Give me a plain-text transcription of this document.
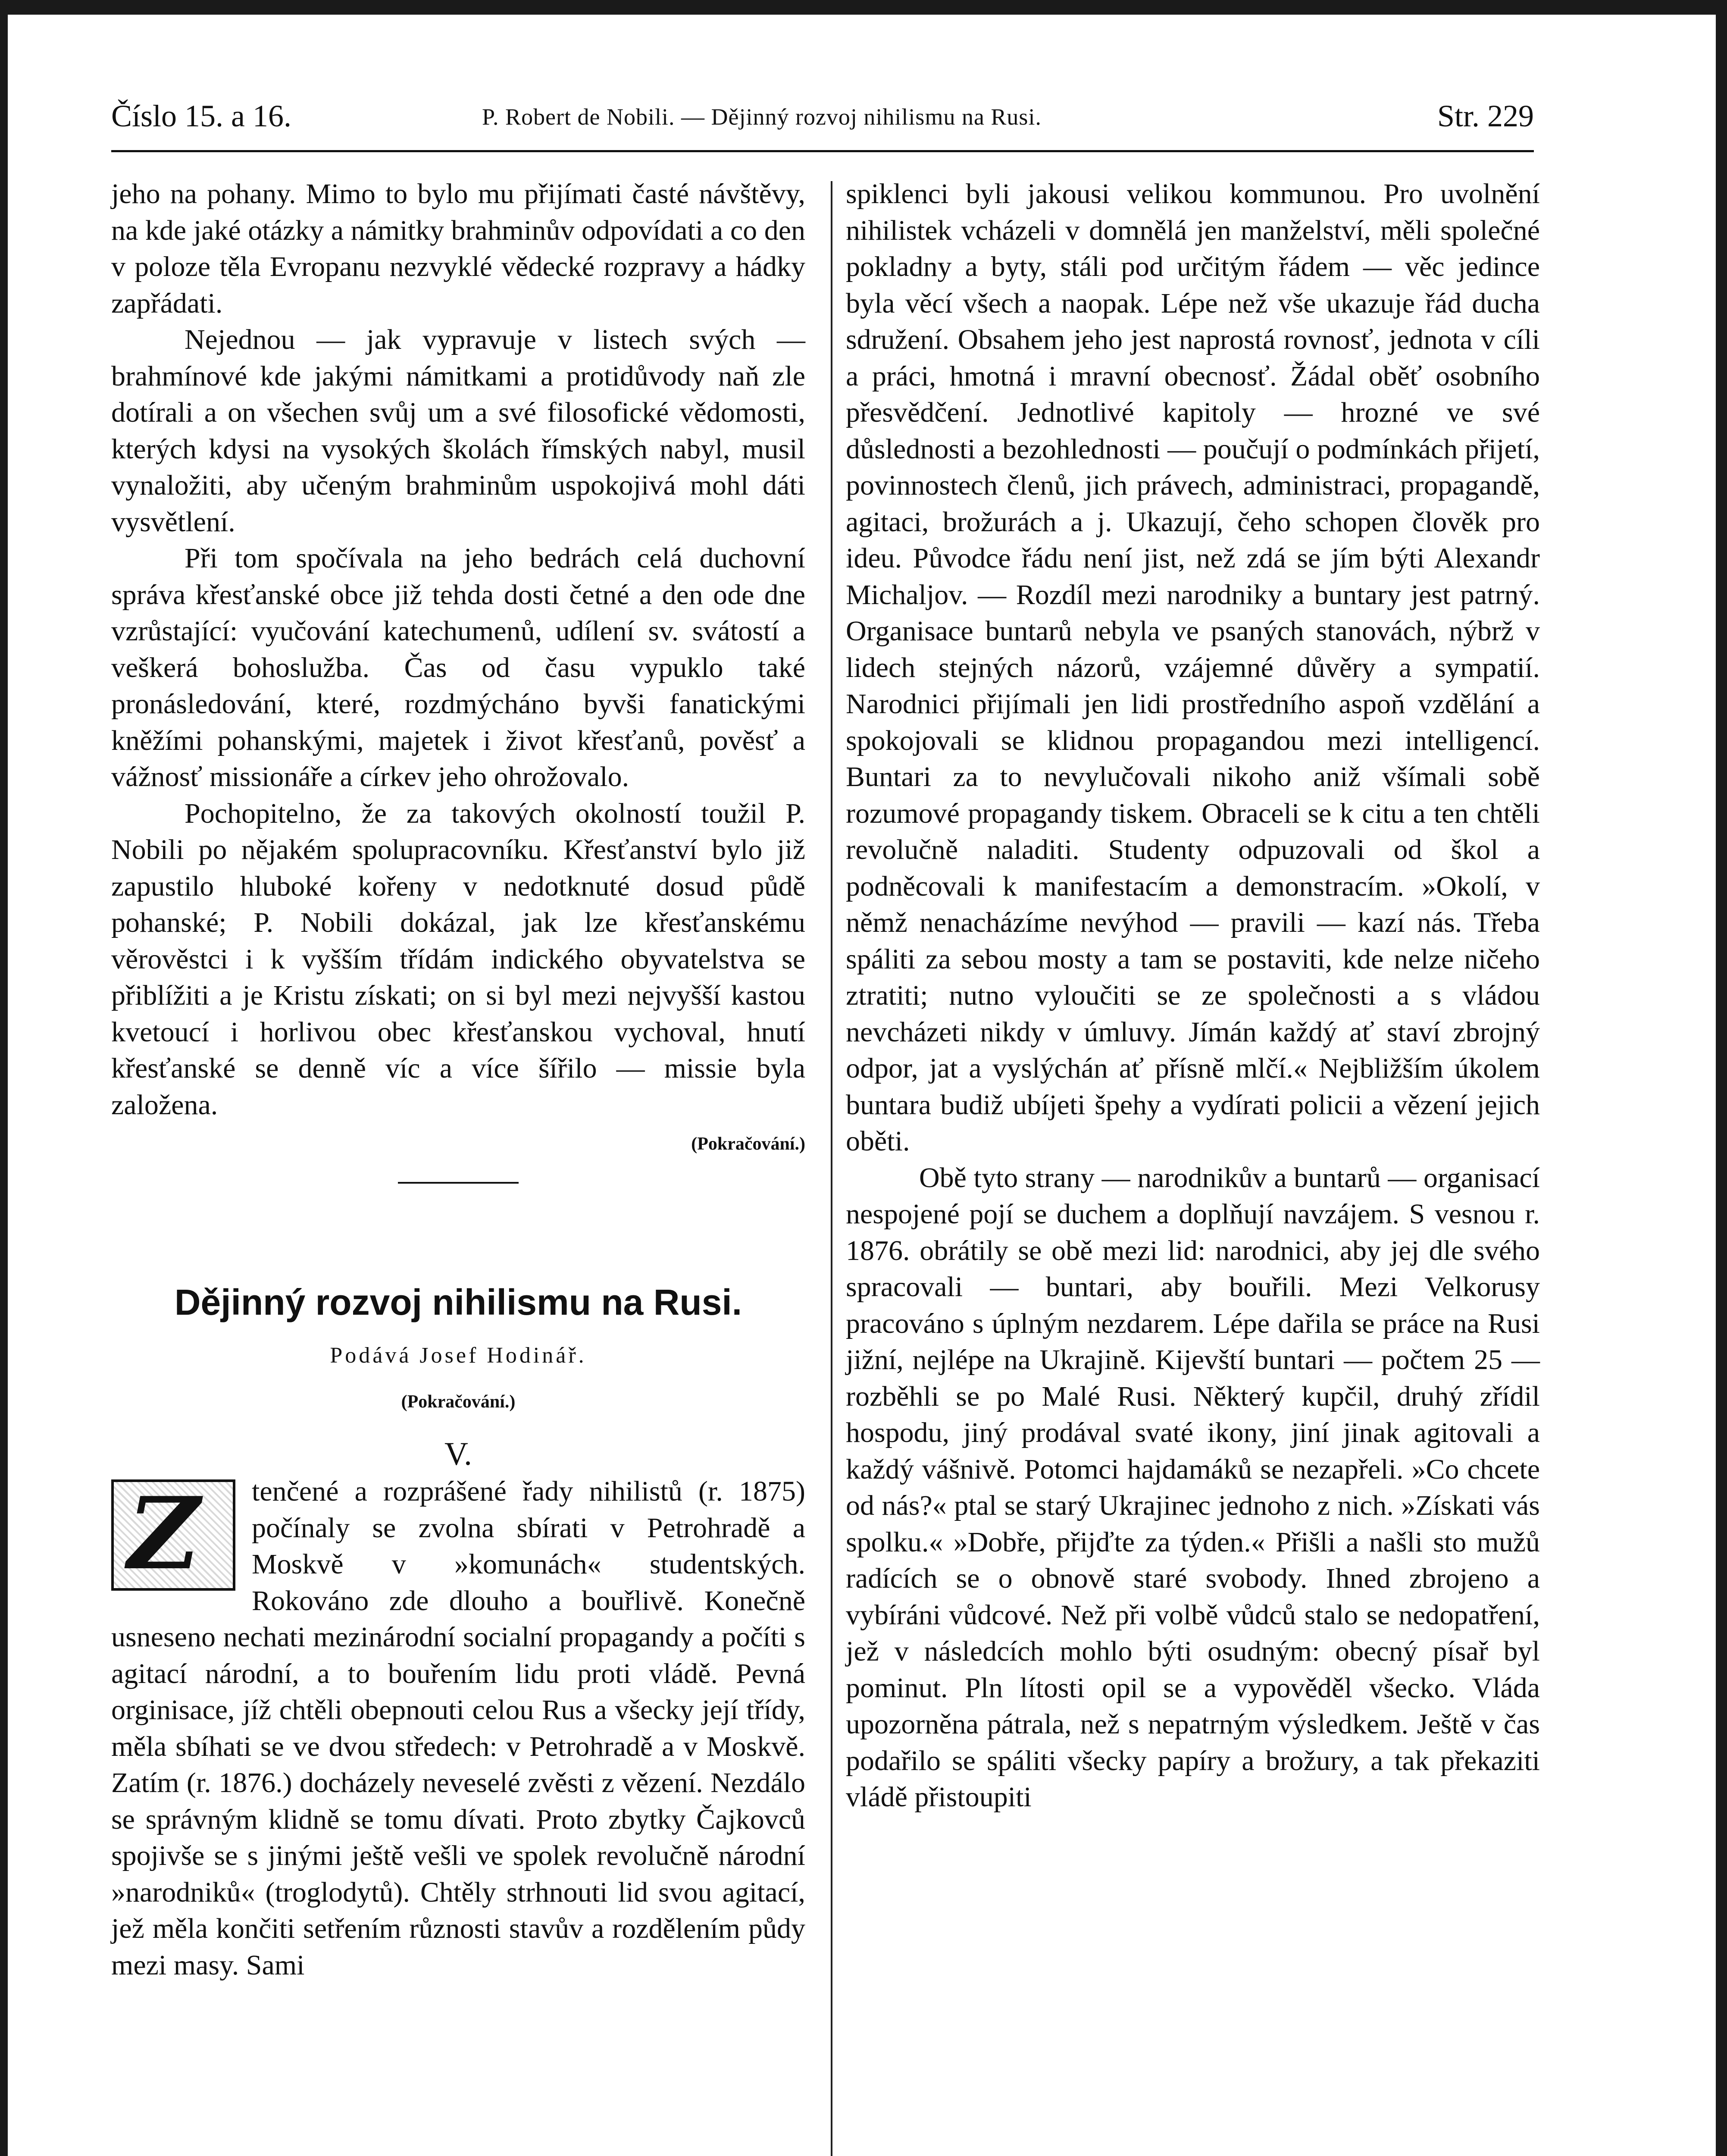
Číslo 15. a 16.	P. Robert de Nobili. — Dějinný rozvoj nihilismu na Rusi.	Str. 229

jeho na pohany. Mimo to bylo mu přijímati časté návštěvy, na kde jaké otázky a námitky brahminův odpovídati a co den v poloze těla Evropanu nezvyklé vědecké rozpravy a hádky zapřádati.

Nejednou — jak vypravuje v listech svých — brahmínové kde jakými námitkami a protidůvody naň zle dotírali a on všechen svůj um a své filosofické vědomosti, kterých kdysi na vysokých školách římských nabyl, musil vynaložiti, aby učeným brahminům uspokojivá mohl dáti vysvětlení.

Při tom spočívala na jeho bedrách celá duchovní správa křesťanské obce již tehda dosti četné a den ode dne vzrůstající: vyučování katechumenů, udílení sv. svátostí a veškerá bohoslužba. Čas od času vypuklo také pronásledování, které, rozdmýcháno byvši fanatickými kněžími pohanskými, majetek i život křesťanů, pověsť a vážnosť missionáře a církev jeho ohrožovalo.

Pochopitelno, že za takových okolností toužil P. Nobili po nějakém spolupracovníku. Křesťanství bylo již zapustilo hluboké kořeny v nedotknuté dosud půdě pohanské; P. Nobili dokázal, jak lze křesťanskému věrověstci i k vyšším třídám indického obyvatelstva se přiblížiti a je Kristu získati; on si byl mezi nejvyšší kastou kvetoucí i horlivou obec křesťanskou vychoval, hnutí křesťanské se denně víc a více šířilo — missie byla založena.

(Pokračování.)
Dějinný rozvoj nihilismu na Rusi.
Podává Josef Hodinář.
(Pokračování.)
V.

Z tenčené a rozprášené řady nihilistů (r. 1875) počínaly se zvolna sbírati v Petrohradě a Moskvě v »komunách« studentských. Rokováno zde dlouho a bouřlivě. Konečně usneseno nechati mezinárodní socialní propagandy a počíti s agitací národní, a to bouřením lidu proti vládě. Pevná orginisace, jíž chtěli obepnouti celou Rus a všecky její třídy, měla sbíhati se ve dvou středech: v Petrohradě a v Moskvě. Zatím (r. 1876.) docházely neveselé zvěsti z vězení. Nezdálo se správným klidně se tomu dívati. Proto zbytky Čajkovců spojivše se s jinými ještě vešli ve spolek revolučně národní »narodniků« (troglodytů). Chtěly strhnouti lid svou agitací, jež měla končiti setřením různosti stavův a rozdělením půdy mezi masy. Sami

spiklenci byli jakousi velikou kommunou. Pro uvolnění nihilistek vcházeli v domnělá jen manželství, měli společné pokladny a byty, stáli pod určitým řádem — věc jedince byla věcí všech a naopak. Lépe než vše ukazuje řád ducha sdružení. Obsahem jeho jest naprostá rovnosť, jednota v cíli a práci, hmotná i mravní obecnosť. Žádal oběť osobního přesvědčení. Jednotlivé kapitoly — hrozné ve své důslednosti a bezohlednosti — poučují o podmínkách přijetí, povinnostech členů, jich právech, administraci, propagandě, agitaci, brožurách a j. Ukazují, čeho schopen člověk pro ideu. Původce řádu není jist, než zdá se jím býti Alexandr Michaljov. — Rozdíl mezi narodniky a buntary jest patrný. Organisace buntarů nebyla ve psaných stanovách, nýbrž v lidech stejných názorů, vzájemné důvěry a sympatií. Narodnici přijímali jen lidi prostředního aspoň vzdělání a spokojovali se klidnou propagandou mezi intelligencí. Buntari za to nevylučovali nikoho aniž všímali sobě rozumové propagandy tiskem. Obraceli se k citu a ten chtěli revolučně naladiti. Studenty odpuzovali od škol a podněcovali k manifestacím a demonstracím. »Okolí, v němž nenacházíme nevýhod — pravili — kazí nás. Třeba spáliti za sebou mosty a tam se postaviti, kde nelze ničeho ztratiti; nutno vyloučiti se ze společnosti a s vládou nevcházeti nikdy v úmluvy. Jímán každý ať staví zbrojný odpor, jat a vyslýchán ať přísně mlčí.« Nejbližším úkolem buntara budiž ubíjeti špehy a vydírati policii a vězení jejich oběti.

Obě tyto strany — narodnikův a buntarů — organisací nespojené pojí se duchem a doplňují navzájem. S vesnou r. 1876. obrátily se obě mezi lid: narodnici, aby jej dle svého spracovali — buntari, aby bouřili. Mezi Velkorusy pracováno s úplným nezdarem. Lépe dařila se práce na Rusi jižní, nejlépe na Ukrajině. Kijevští buntari — počtem 25 — rozběhli se po Malé Rusi. Některý kupčil, druhý zřídil hospodu, jiný prodával svaté ikony, jiní jinak agitovali a každý vášnivě. Potomci hajdamáků se nezapřeli. »Co chcete od nás?« ptal se starý Ukrajinec jednoho z nich. »Získati vás spolku.« »Dobře, přijďte za týden.« Přišli a našli sto mužů radících se o obnově staré svobody. Ihned zbrojeno a vybíráni vůdcové. Než při volbě vůdců stalo se nedopatření, jež v následcích mohlo býti osudným: obecný písař byl pominut. Pln lítosti opil se a vypověděl všecko. Vláda upozorněna pátrala, než s nepatrným výsledkem. Ještě v čas podařilo se spáliti všecky papíry a brožury, a tak překaziti vládě přistoupiti
